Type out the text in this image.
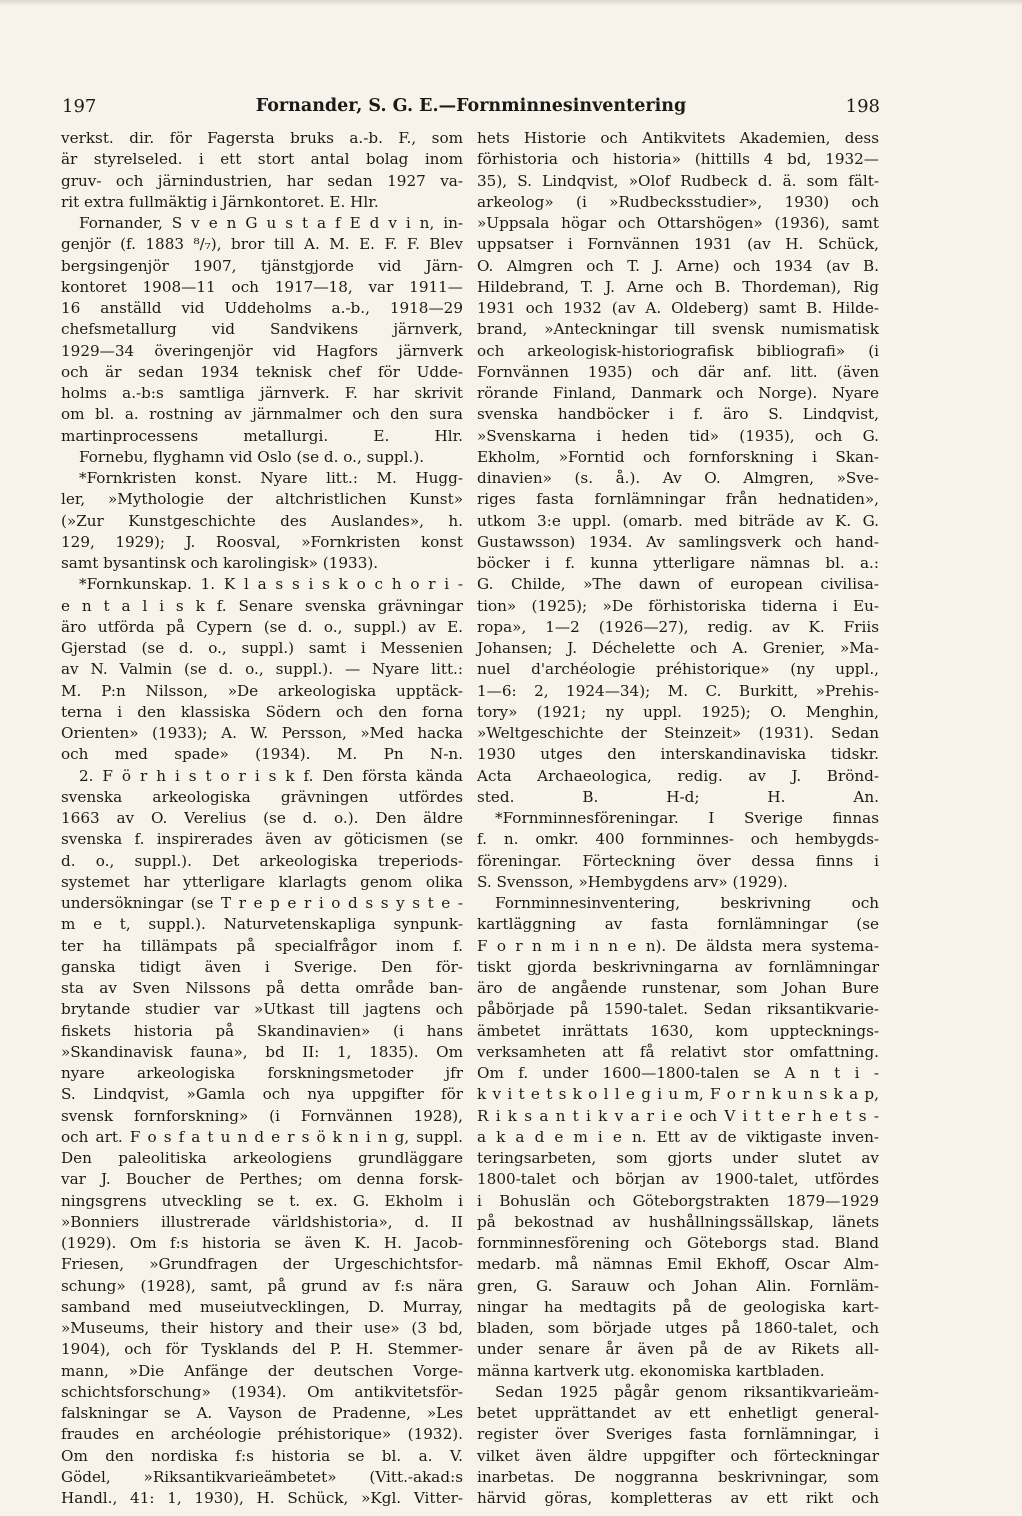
197	Fornander, S. G. E.—Fornminnesinventering	198
verkst. dir. för Fagersta bruks a.-b. F., som
är styrelseled. i ett stort antal bolag inom
gruv- och järnindustrien, har sedan 1927 va-
rit extra fullmäktig i Järnkontoret. E. Hlr.
Fornander, S v e n G u s t a f E d v i n, in-
genjör (f. 1883 ⁸/₇), bror till A. M. E. F. F. Blev
bergsingenjör 1907, tjänstgjorde vid Järn-
kontoret 1908—11 och 1917—18, var 1911—
16 anställd vid Uddeholms a.-b., 1918—29
chefsmetallurg vid Sandvikens järnverk,
1929—34 överingenjör vid Hagfors järnverk
och är sedan 1934 teknisk chef för Udde-
holms a.-b:s samtliga järnverk. F. har skrivit
om bl. a. rostning av järnmalmer och den sura
martinprocessens metallurgi. E. Hlr.
Fornebu, flyghamn vid Oslo (se d. o., suppl.).
*Fornkristen konst. Nyare litt.: M. Hugg-
ler, »Mythologie der altchristlichen Kunst»
(»Zur Kunstgeschichte des Auslandes», h.
129, 1929); J. Roosval, »Fornkristen konst
samt bysantinsk och karolingisk» (1933).
*Fornkunskap. 1. K l a s s i s k o c h o r i -
e n t a l i s k f. Senare svenska grävningar
äro utförda på Cypern (se d. o., suppl.) av E.
Gjerstad (se d. o., suppl.) samt i Messenien
av N. Valmin (se d. o., suppl.). — Nyare litt.:
M. P:n Nilsson, »De arkeologiska upptäck-
terna i den klassiska Södern och den forna
Orienten» (1933); A. W. Persson, »Med hacka
och med spade» (1934). M. Pn N-n.
2. F ö r h i s t o r i s k f. Den första kända
svenska arkeologiska grävningen utfördes
1663 av O. Verelius (se d. o.). Den äldre
svenska f. inspirerades även av göticismen (se
d. o., suppl.). Det arkeologiska treperiods-
systemet har ytterligare klarlagts genom olika
undersökningar (se T r e p e r i o d s s y s t e -
m e t, suppl.). Naturvetenskapliga synpunk-
ter ha tillämpats på specialfrågor inom f.
ganska tidigt även i Sverige. Den för-
sta av Sven Nilssons på detta område ban-
brytande studier var »Utkast till jagtens och
fiskets historia på Skandinavien» (i hans
»Skandinavisk fauna», bd II: 1, 1835). Om
nyare arkeologiska forskningsmetoder jfr
S. Lindqvist, »Gamla och nya uppgifter för
svensk fornforskning» (i Fornvännen 1928),
och art. F o s f a t u n d e r s ö k n i n g, suppl.
Den paleolitiska arkeologiens grundläggare
var J. Boucher de Perthes; om denna forsk-
ningsgrens utveckling se t. ex. G. Ekholm i
»Bonniers illustrerade världshistoria», d. II
(1929). Om f:s historia se även K. H. Jacob-
Friesen, »Grundfragen der Urgeschichtsfor-
schung» (1928), samt, på grund av f:s nära
samband med museiutvecklingen, D. Murray,
»Museums, their history and their use» (3 bd,
1904), och för Tysklands del P. H. Stemmer-
mann, »Die Anfänge der deutschen Vorge-
schichtsforschung» (1934). Om antikvitetsför-
falskningar se A. Vayson de Pradenne, »Les
fraudes en archéologie préhistorique» (1932).
Om den nordiska f:s historia se bl. a. V.
Gödel, »Riksantikvarieämbetet» (Vitt.-akad:s
Handl., 41: 1, 1930), H. Schück, »Kgl. Vitter-
hets Historie och Antikvitets Akademien, dess
förhistoria och historia» (hittills 4 bd, 1932—
35), S. Lindqvist, »Olof Rudbeck d. ä. som fält-
arkeolog» (i »Rudbecksstudier», 1930) och
»Uppsala högar och Ottarshögen» (1936), samt
uppsatser i Fornvännen 1931 (av H. Schück,
O. Almgren och T. J. Arne) och 1934 (av B.
Hildebrand, T. J. Arne och B. Thordeman), Rig
1931 och 1932 (av A. Oldeberg) samt B. Hilde-
brand, »Anteckningar till svensk numismatisk
och arkeologisk-historiografisk bibliografi» (i
Fornvännen 1935) och där anf. litt. (även
rörande Finland, Danmark och Norge). Nyare
svenska handböcker i f. äro S. Lindqvist,
»Svenskarna i heden tid» (1935), och G.
Ekholm, »Forntid och fornforskning i Skan-
dinavien» (s. å.). Av O. Almgren, »Sve-
riges fasta fornlämningar från hednatiden»,
utkom 3:e uppl. (omarb. med biträde av K. G.
Gustawsson) 1934. Av samlingsverk och hand-
böcker i f. kunna ytterligare nämnas bl. a.:
G. Childe, »The dawn of european civilisa-
tion» (1925); »De förhistoriska tiderna i Eu-
ropa», 1—2 (1926—27), redig. av K. Friis
Johansen; J. Déchelette och A. Grenier, »Ma-
nuel d'archéologie préhistorique» (ny uppl.,
1—6: 2, 1924—34); M. C. Burkitt, »Prehis-
tory» (1921; ny uppl. 1925); O. Menghin,
»Weltgeschichte der Steinzeit» (1931). Sedan
1930 utges den interskandinaviska tidskr.
Acta Archaeologica, redig. av J. Brönd-
sted. B. H-d; H. An.
*Fornminnesföreningar. I Sverige finnas
f. n. omkr. 400 fornminnes- och hembygds-
föreningar. Förteckning över dessa finns i
S. Svensson, »Hembygdens arv» (1929).
Fornminnesinventering, beskrivning och
kartläggning av fasta fornlämningar (se
F o r n m i n n e n). De äldsta mera systema-
tiskt gjorda beskrivningarna av fornlämningar
äro de angående runstenar, som Johan Bure
påbörjade på 1590-talet. Sedan riksantikvarie-
ämbetet inrättats 1630, kom upptecknings-
verksamheten att få relativt stor omfattning.
Om f. under 1600—1800-talen se A n t i -
k v i t e t s k o l l e g i u m, F o r n k u n s k a p,
R i k s a n t i k v a r i e och V i t t e r h e t s -
a k a d e m i e n. Ett av de viktigaste inven-
teringsarbeten, som gjorts under slutet av
1800-talet och början av 1900-talet, utfördes
i Bohuslän och Göteborgstrakten 1879—1929
på bekostnad av hushållningssällskap, länets
fornminnesförening och Göteborgs stad. Bland
medarb. må nämnas Emil Ekhoff, Oscar Alm-
gren, G. Sarauw och Johan Alin. Fornläm-
ningar ha medtagits på de geologiska kart-
bladen, som började utges på 1860-talet, och
under senare år även på de av Rikets all-
männa kartverk utg. ekonomiska kartbladen.
Sedan 1925 pågår genom riksantikvarieäm-
betet upprättandet av ett enhetligt general-
register över Sveriges fasta fornlämningar, i
vilket även äldre uppgifter och förteckningar
inarbetas. De noggranna beskrivningar, som
härvid göras, kompletteras av ett rikt och
